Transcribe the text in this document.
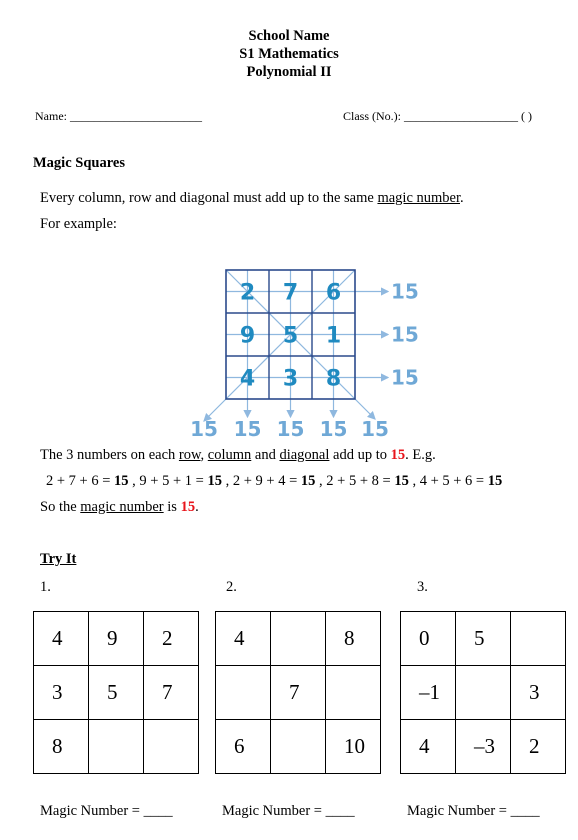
School Name
S1 Mathematics
Polynomial II
Name: ______________________	Class (No.): ___________________ ( )
Magic Squares
Every column, row and diagonal must add up to the same magic number.
For example:
2 7 6
9 5 1
4 3 8
15
15
15
15 15 15 15 15
The 3 numbers on each row, column and diagonal add up to 15. E.g.
2 + 7 + 6 = 15 , 9 + 5 + 1 = 15 , 2 + 9 + 4 = 15 , 2 + 5 + 8 = 15 , 4 + 5 + 6 = 15
So the magic number is 15.
Try It
1.	2.	3.
4	9	2
3	5	7
8		
4		8
	7	
6		10
0	5	
–1		3
4	–3	2
Magic Number = ____	Magic Number = ____	Magic Number = ____
